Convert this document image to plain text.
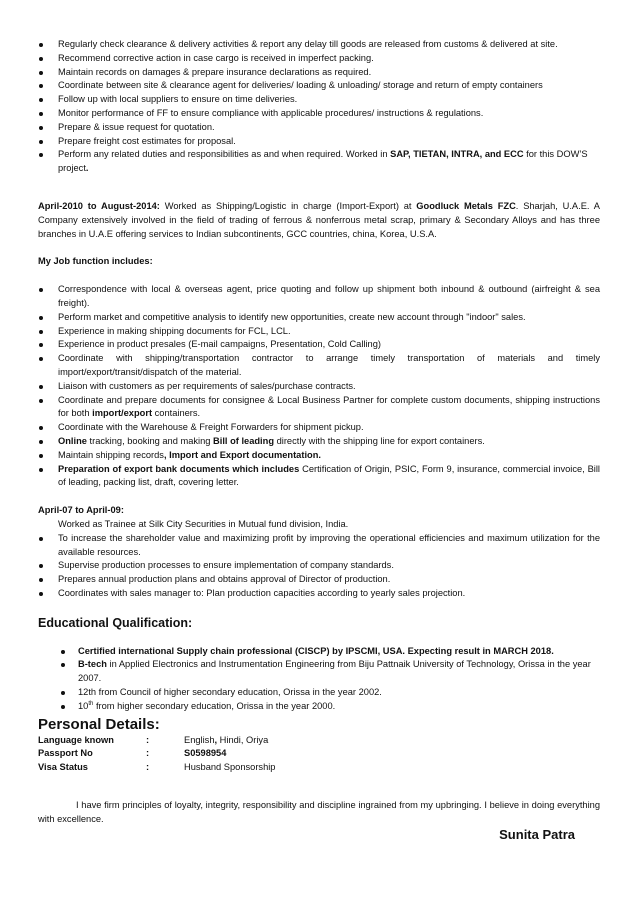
Regularly check clearance & delivery activities & report any delay till goods are released from customs & delivered at site.
Recommend corrective action in case cargo is received in imperfect packing.
Maintain records on damages & prepare insurance declarations as required.
Coordinate between site & clearance agent for deliveries/ loading & unloading/ storage and return of empty containers
Follow up with local suppliers to ensure on time deliveries.
Monitor performance of FF to ensure compliance with applicable procedures/ instructions & regulations.
Prepare & issue request for quotation.
Prepare freight cost estimates for proposal.
Perform any related duties and responsibilities as and when required. Worked in SAP, TIETAN, INTRA, and ECC for this DOW’S project.

April-2010 to August-2014: Worked as Shipping/Logistic in charge (Import-Export) at Goodluck Metals FZC. Sharjah, U.A.E. A Company extensively involved in the field of trading of ferrous & nonferrous metal scrap, primary & Secondary Alloys and has three branches in U.A.E offering services to Indian subcontinents, GCC countries, china, Korea, U.S.A.

My Job function includes:
Correspondence with local & overseas agent, price quoting and follow up shipment both inbound & outbound (airfreight & sea freight).
Perform market and competitive analysis to identify new opportunities, create new account through "indoor" sales.
Experience in making shipping documents for FCL, LCL.
Experience in product presales (E-mail campaigns, Presentation, Cold Calling)
Coordinate with shipping/transportation contractor to arrange timely transportation of materials and timely import/export/transit/dispatch of the material.
Liaison with customers as per requirements of sales/purchase contracts.
Coordinate and prepare documents for consignee & Local Business Partner for complete custom documents, shipping instructions for both import/export containers.
Coordinate with the Warehouse & Freight Forwarders for shipment pickup.
Online tracking, booking and making Bill of leading directly with the shipping line for export containers.
Maintain shipping records, Import and Export documentation.
Preparation of export bank documents which includes Certification of Origin, PSIC, Form 9, insurance, commercial invoice, Bill of leading, packing list, draft, covering letter.
April-07 to April-09:
Worked as Trainee at Silk City Securities in Mutual fund division, India.
To increase the shareholder value and maximizing profit by improving the operational efficiencies and maximum utilization for the available resources.
Supervise production processes to ensure implementation of company standards.
Prepares annual production plans and obtains approval of Director of production.
Coordinates with sales manager to: Plan production capacities according to yearly sales projection.
Educational Qualification:
Certified international Supply chain professional (CISCP) by IPSCMI, USA. Expecting result in MARCH 2018.
B-tech in Applied Electronics and Instrumentation Engineering from Biju Pattnaik University of Technology, Orissa in the year 2007.
12th from Council of higher secondary education, Orissa in the year 2002.
10th from higher secondary education, Orissa in the year 2000.
Personal Details:
Language known	:	English, Hindi, Oriya
Passport No	:	S0598954
Visa Status	:	Husband Sponsorship

I have firm principles of loyalty, integrity, responsibility and discipline ingrained from my upbringing. I believe in doing everything with excellence.

Sunita Patra
